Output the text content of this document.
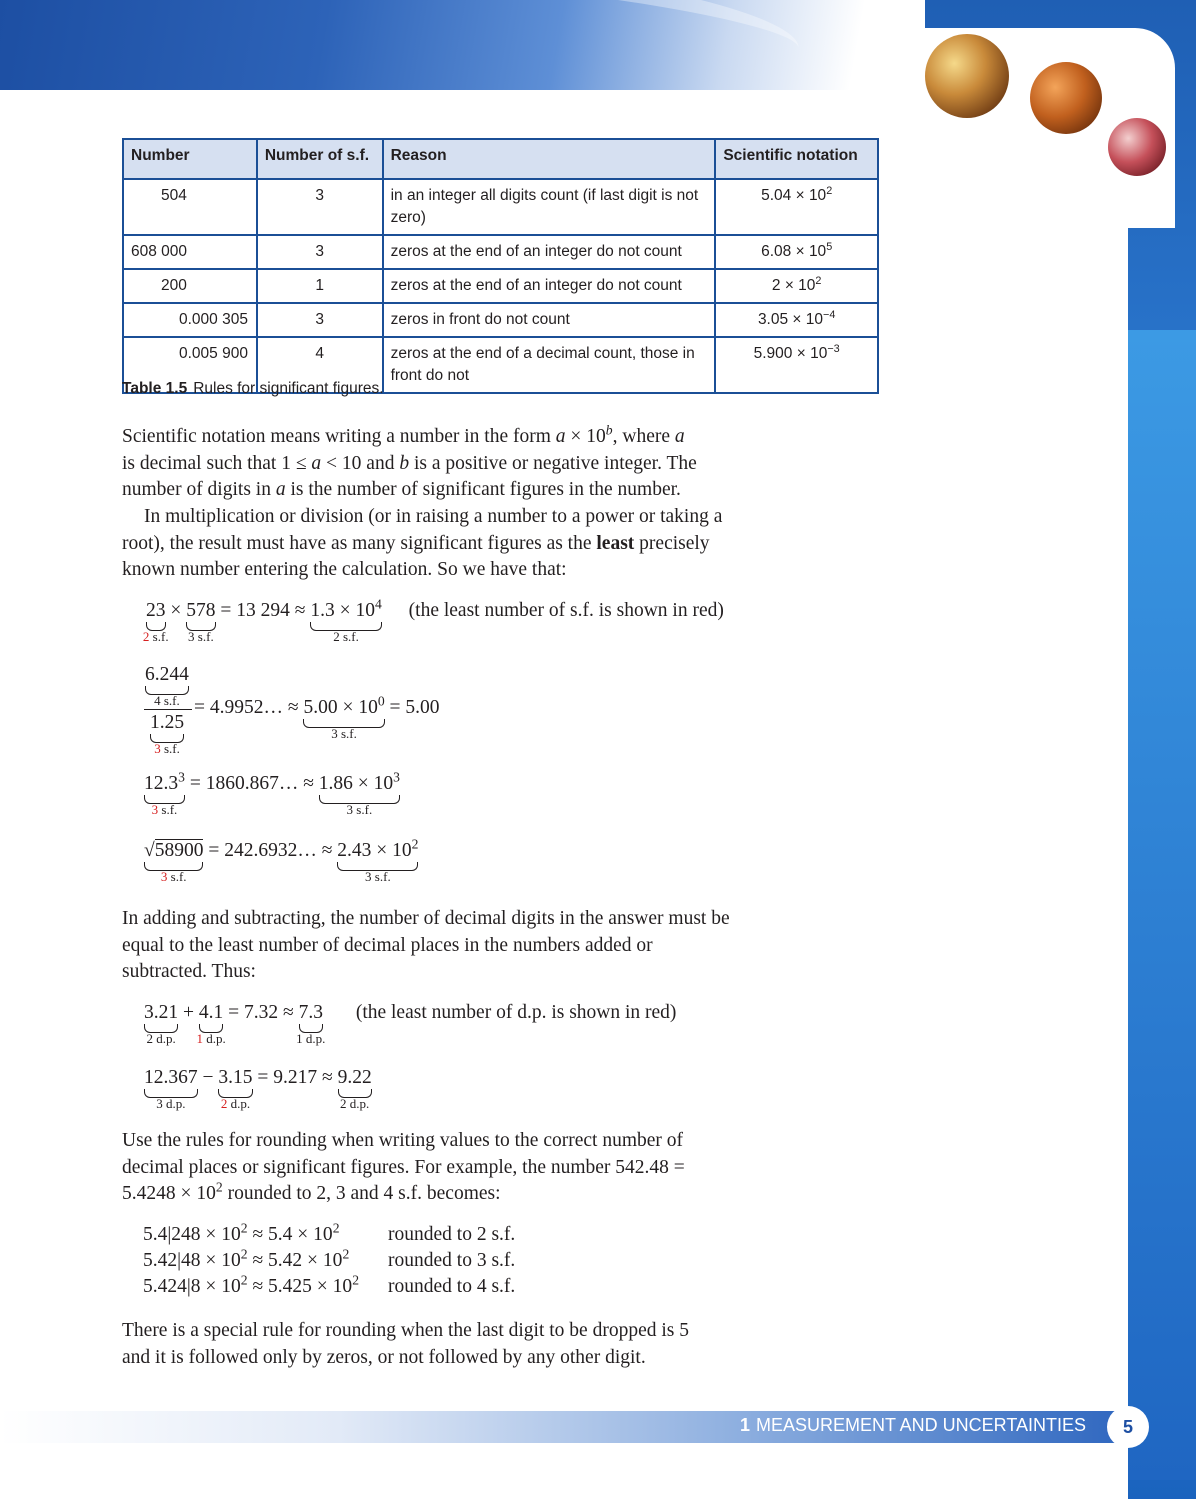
Number	Number of s.f.	Reason	Scientific notation
504	3	in an integer all digits count (if last digit is not zero)	$5.04 \times 10^2$
608 000	3	zeros at the end of an integer do not count	$6.08 \times 10^5$
200	1	zeros at the end of an integer do not count	$2 \times 10^2$
0.000 305	3	zeros in front do not count	$3.05 \times 10^{-4}$
0.005 900	4	zeros at the end of a decimal count, those in front do not	$5.900 \times 10^{-3}$
Table 1.5 Rules for significant figures.
Scientific notation means writing a number in the form $a \times 10^b$, where a
is decimal such that 1 ≤ a < 10 and b is a positive or negative integer. The
number of digits in a is the number of significant figures in the number.

In multiplication or division (or in raising a number to a power or taking a root), the result must have as many significant figures as the least precisely known number entering the calculation. So we have that:

23
2 s.f.
× 578
3 s.f.
= 13 $294 \approx 1.3 \times 10^4$
2 s.f.
(the least number of s.f. is shown in red)
6.244
4 s.f.
1.25
3 s.f.
= 4.9952… ≈ $5.00 \times 10^0$
3 s.f.
= 5.00
12.3$^3$
3 s.f.
= 1860.867… ≈ $1.86 \times 10^3$
3 s.f.
√58900
3 s.f.
= 242.6932… ≈ $2.43 \times 10^2$
3 s.f.

In adding and subtracting, the number of decimal digits in the answer must be equal to the least number of decimal places in the numbers added or subtracted. Thus:

3.21
2 d.p.
+ 4.1
1 d.p.
= 7.32 ≈ 7.3
1 d.p.
(the least number of d.p. is shown in red)
12.367
3 d.p.
− 3.15
2 d.p.
= 9.217 ≈ 9.22
2 d.p.

Use the rules for rounding when writing values to the correct number of decimal places or significant figures. For example, the number $542.48 = 5.4248 \times 10^2$ rounded to 2, 3 and 4 s.f. becomes:

$5.4|248 \times 10^2 \approx 5.4 \times 10^2$ rounded to 2 s.f.
$5.42|48 \times 10^2 \approx 5.42 \times 10^2$ rounded to 3 s.f.
$5.424|8 \times 10^2 \approx 5.425 \times 10^2$ rounded to 4 s.f.

There is a special rule for rounding when the last digit to be dropped is 5 and it is followed only by zeros, or not followed by any other digit.

1 MEASUREMENT AND UNCERTAINTIES	5
